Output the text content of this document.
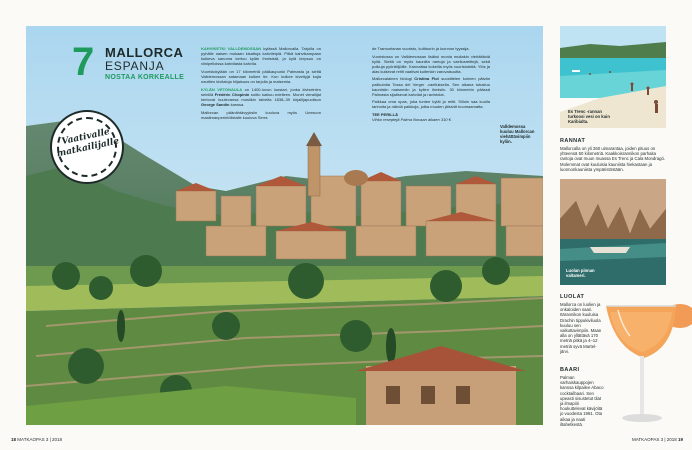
7 MALLORCA
ESPANJA
NOSTAA KORKEALLE
Vaativalle matkailijalle

KAHVIKETKI VALLDEMOSSAN kylässä Mallorcalla. Tarjolla on pyhälle naisen mukaan kisattuja kahvileipiä. Pitkä kahvikampaan kulkeva sanoma kertoo kylän ihmisistä, ja kylä kiepsuu on viinipelloissa kahvilasta kahvila.

Vuoristokylään on 17 kilometriä pääkaupunki Palmasta ja sieltä Valldemossan satamaan kulkee tie. Kun kulkee kivettyjä kujia nauttien kivitaloja hiljaisuus on tarjolla ja maisemia.

KYLÄN VETONAULA on 1400-luvun luostari, jonka kiviseinien seinillä Frédéric Chopinin soitto kaikuu edelleen. Monet vierailijat kertovat kuulevansa musiikin talvelta 1838–39 kirjailijapuolison George Sandin kanssa.

Mallorcan päänähtävyyksiin kuuluva myös Unescon maailmanperintölistalle kuuluva Serra

de Tramuntanan vuoristo, kulttuurin ja luonnon tyyssija.

Vuoristossa on Valldemossan lisäksi monia muitakin viehättäviä kyliä. Sieltä on myös kauniita rantoja ja vaellusreittejä, sekä polkuja pyöräilijöille. Kannattaa kokeilla myös vuoristoteitä. Ylös ja alas kulkevat reitit vaativat kuitenkin varovaisuutta.

Mallorcalainen biologi Cristina Fiol suosittelee kolmen päivän patikointia Tossa del Verger -vaelluksella. Sen aikana tutustuu kauniisiin maisemiin ja kylien ihmisiin. 30 kilometrin päässä Palmasta sijaitsevat kahvilat ja ravintolat.

Palkkaa oma opas, joka tuntee kylät ja reitit. Silloin saa kuulla tarinoita ja nähdä paikkoja, jotka muuten jäisivät huomaamatta.

TEE PERILLÄ
Vihko reseptejä Palma Novaan alkaen 310 €.

Valldemossa kuuluu Mallorcan viehättävimpiin kyliin.
Es Trenc -rannan turkoosi vesi on kuin Karibialta.
RANNAT
Mallorcalla on yli 260 uimarantaa, joiden pituus on yhteensä 50 kilometriä. Kaakkoisrannikon parhaita rantoja ovat muun muassa Es Trenc ja Cala Mondragó. Molemmat ovat kuuluisia kauniista hiekastaan ja luonnonkauniista ympäristöstään.
Luolan pinnan valtameri.
LUOLAT
Mallorca on luolien ja onkaloiden saari. Itärannikon kuuluisa Drachin tippukiviluola kuuluu sen vaikuttavimpiin. Maan alla on yllättävä 170 metriä pitkä ja 4–12 metriä syvä Martel-järvi.
BAARI
Palman varhaiskauppojen kanssa kilpailee Abaco cocktailbaari. Sen upeasti sisustetut tilat ja ilmapiiri houkuttelevat kävijöitä jo vuodesta 1981. Ota aikaa ja nauti iltahetkestä.
18 MATKAOPAS 3 | 2018	MATKAOPAS 3 | 2018 19
